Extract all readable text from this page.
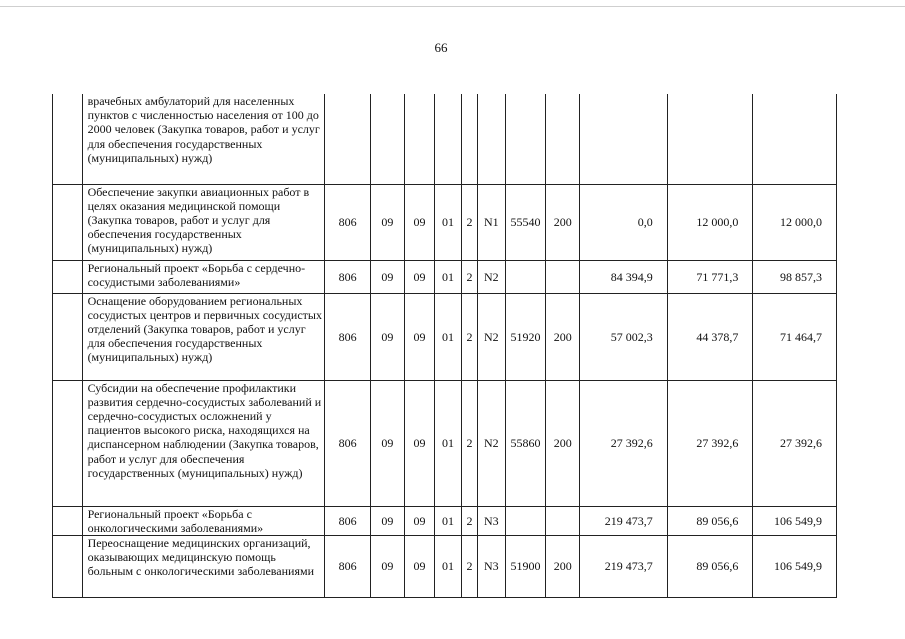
66
	врачебных амбулаторий для населенных пунктов с численностью населения от 100 до 2000 человек (Закупка товаров, работ и услуг для обеспечения государственных (муниципальных) нужд)											
	Обеспечение закупки авиационных работ в целях оказания медицинской помощи (Закупка товаров, работ и услуг для обеспечения государственных (муниципальных) нужд)	806	09	09	01	2	N1	55540	200	0,0	12 000,0	12 000,0
	Региональный проект «Борьба с сердечно-сосудистыми заболеваниями»	806	09	09	01	2	N2			84 394,9	71 771,3	98 857,3
	Оснащение оборудованием региональных сосудистых центров и первичных сосудистых отделений (Закупка товаров, работ и услуг для обеспечения государственных (муниципальных) нужд)	806	09	09	01	2	N2	51920	200	57 002,3	44 378,7	71 464,7
	Субсидии на обеспечение профилактики развития сердечно-сосудистых заболеваний и сердечно-сосудистых осложнений у пациентов высокого риска, находящихся на диспансерном наблюдении (Закупка товаров, работ и услуг для обеспечения государственных (муниципальных) нужд)	806	09	09	01	2	N2	55860	200	27 392,6	27 392,6	27 392,6
	Региональный проект «Борьба с онкологическими заболеваниями»	806	09	09	01	2	N3			219 473,7	89 056,6	106 549,9
	Переоснащение медицинских организаций, оказывающих медицинскую помощь больным с онкологическими заболеваниями	806	09	09	01	2	N3	51900	200	219 473,7	89 056,6	106 549,9
